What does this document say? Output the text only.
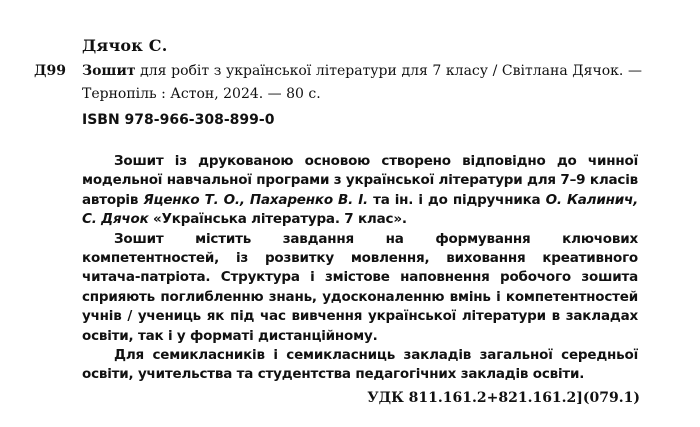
Дячок С.
Д99 Зошит для робіт з української літератури для 7 класу / Світлана Дячок. — Тернопіль : Астон, 2024. — 80 с.
ISBN 978-966-308-899-0

Зошит із друкованою основою створено відповідно до чинної модельної навчальної програми з української літератури для 7–9 класів авторів Яценко Т. О., Пахаренко В. І. та ін. і до підручника О. Калинич, С. Дячок «Українська література. 7 клас».

Зошит містить завдання на формування ключових компетентностей, із розвитку мовлення, виховання креативного читача-патріота. Структура і змістове наповнення робочого зошита сприяють поглибленню знань, удосконаленню вмінь і компетентностей учнів / учениць як під час вивчення української літератури в закладах освіти, так і у форматі дистанційному.

Для семикласників і семикласниць закладів загальної середньої освіти, учительства та студентства педагогічних закладів освіти.

УДК 811.161.2+821.161.2](079.1)
